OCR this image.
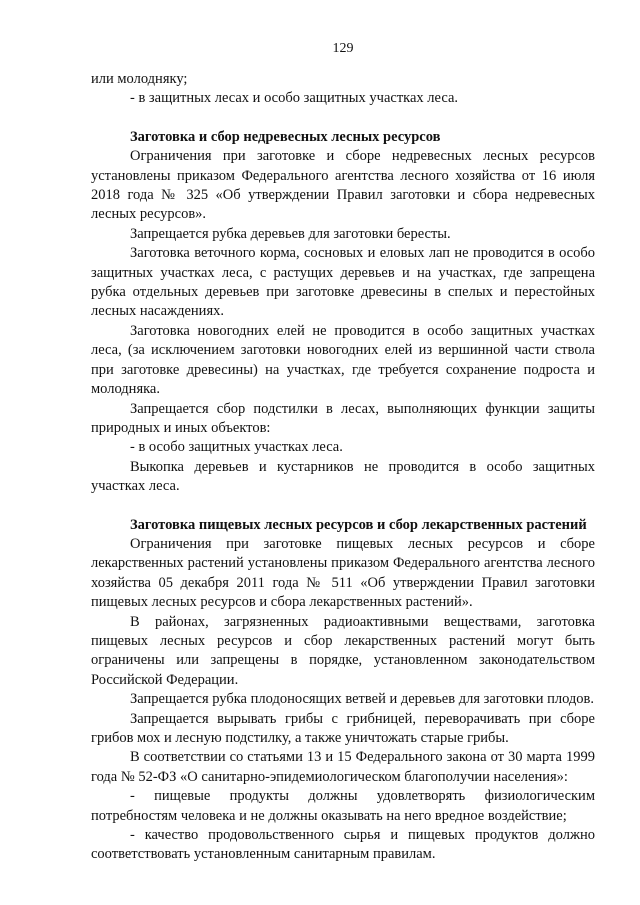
129

или молодняку;

- в защитных лесах и особо защитных участках леса.

Заготовка и сбор недревесных лесных ресурсов

Ограничения при заготовке и сборе недревесных лесных ресурсов установлены приказом Федерального агентства лесного хозяйства от 16 июля 2018 года № 325 «Об утверждении Правил заготовки и сбора недревесных лесных ресурсов».

Запрещается рубка деревьев для заготовки бересты.

Заготовка веточного корма, сосновых и еловых лап не проводится в особо защитных участках леса, с растущих деревьев и на участках, где запрещена рубка отдельных деревьев при заготовке древесины в спелых и перестойных лесных насаждениях.

Заготовка новогодних елей не проводится в особо защитных участках леса, (за исключением заготовки новогодних елей из вершинной части ствола при заготовке древесины) на участках, где требуется сохранение подроста и молодняка.

Запрещается сбор подстилки в лесах, выполняющих функции защиты природных и иных объектов:

- в особо защитных участках леса.

Выкопка деревьев и кустарников не проводится в особо защитных участках леса.

Заготовка пищевых лесных ресурсов и сбор лекарственных растений

Ограничения при заготовке пищевых лесных ресурсов и сборе лекарственных растений установлены приказом Федерального агентства лесного хозяйства 05 декабря 2011 года № 511 «Об утверждении Правил заготовки пищевых лесных ресурсов и сбора лекарственных растений».

В районах, загрязненных радиоактивными веществами, заготовка пищевых лесных ресурсов и сбор лекарственных растений могут быть ограничены или запрещены в порядке, установленном законодательством Российской Федерации.

Запрещается рубка плодоносящих ветвей и деревьев для заготовки плодов.

Запрещается вырывать грибы с грибницей, переворачивать при сборе грибов мох и лесную подстилку, а также уничтожать старые грибы.

В соответствии со статьями 13 и 15 Федерального закона от 30 марта 1999 года № 52-ФЗ «О санитарно-эпидемиологическом благополучии населения»:

- пищевые продукты должны удовлетворять физиологическим потребностям человека и не должны оказывать на него вредное воздействие;

- качество продовольственного сырья и пищевых продуктов должно соответствовать установленным санитарным правилам.
